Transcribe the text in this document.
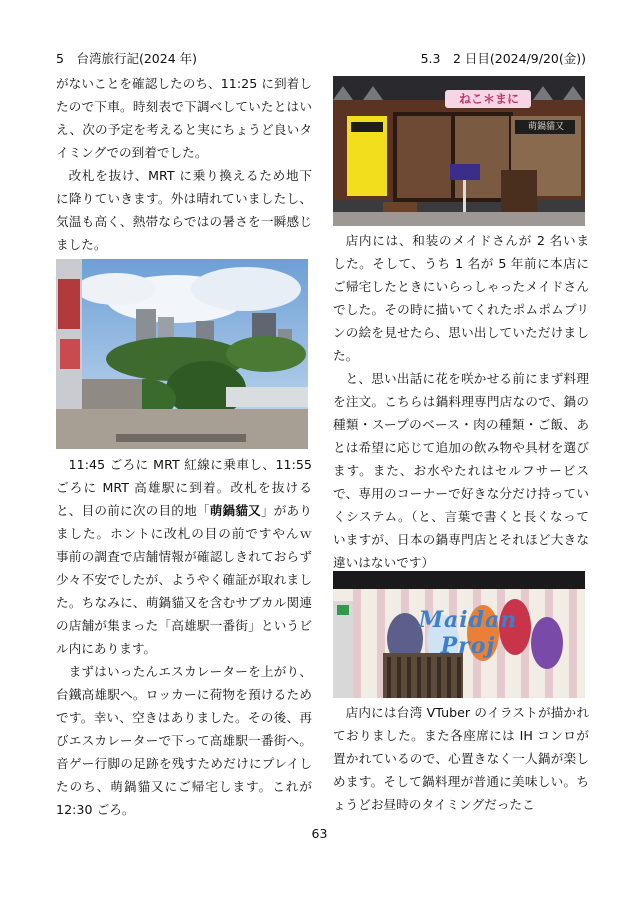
5　台湾旅行記(2024 年)	5.3　2 日目(2024/9/20(金))

がないことを確認したのち、11:25 に到着したので下車。時刻表で下調べしていたとはいえ、次の予定を考えると実にちょうど良いタイミングでの到着でした。

改札を抜け、MRT に乗り換えるため地下に降りていきます。外は晴れていましたし、気温も高く、熱帯ならではの暑さを一瞬感じました。

11:45 ごろに MRT 紅線に乗車し、11:55 ごろに MRT 高雄駅に到着。改札を抜けると、目の前に次の目的地「萌鍋貓又」がありました。ホントに改札の目の前ですやんｗ 事前の調査で店舗情報が確認しきれておらず少々不安でしたが、ようやく確証が取れました。ちなみに、萌鍋貓又を含むサブカル関連の店舗が集まった「高雄駅一番街」というビル内にあります。

まずはいったんエスカレーターを上がり、台鐵高雄駅へ。ロッカーに荷物を預けるためです。幸い、空きはありました。その後、再びエスカレーターで下って高雄駅一番街へ。音ゲー行脚の足跡を残すためだけにプレイしたのち、萌鍋貓又にご帰宅します。これが 12:30 ごろ。

ねこ＊まに
萌鍋貓又

店内には、和装のメイドさんが 2 名いました。そして、うち 1 名が 5 年前に本店にご帰宅したときにいらっしゃったメイドさんでした。その時に描いてくれたポムポムプリンの絵を見せたら、思い出していただけました。

と、思い出話に花を咲かせる前にまず料理を注文。こちらは鍋料理専門店なので、鍋の種類・スープのベース・肉の種類・ご飯、あとは希望に応じて追加の飲み物や具材を選びます。また、お水やたれはセルフサービスで、専用のコーナーで好きな分だけ持っていくシステム。（と、言葉で書くと長くなっていますが、日本の鍋専門店とそれほど大きな違いはないです）

Maidan Proj

店内には台湾 VTuber のイラストが描かれておりました。また各座席には IH コンロが置かれているので、心置きなく一人鍋が楽しめます。そして鍋料理が普通に美味しい。ちょうどお昼時のタイミングだったこ

63
